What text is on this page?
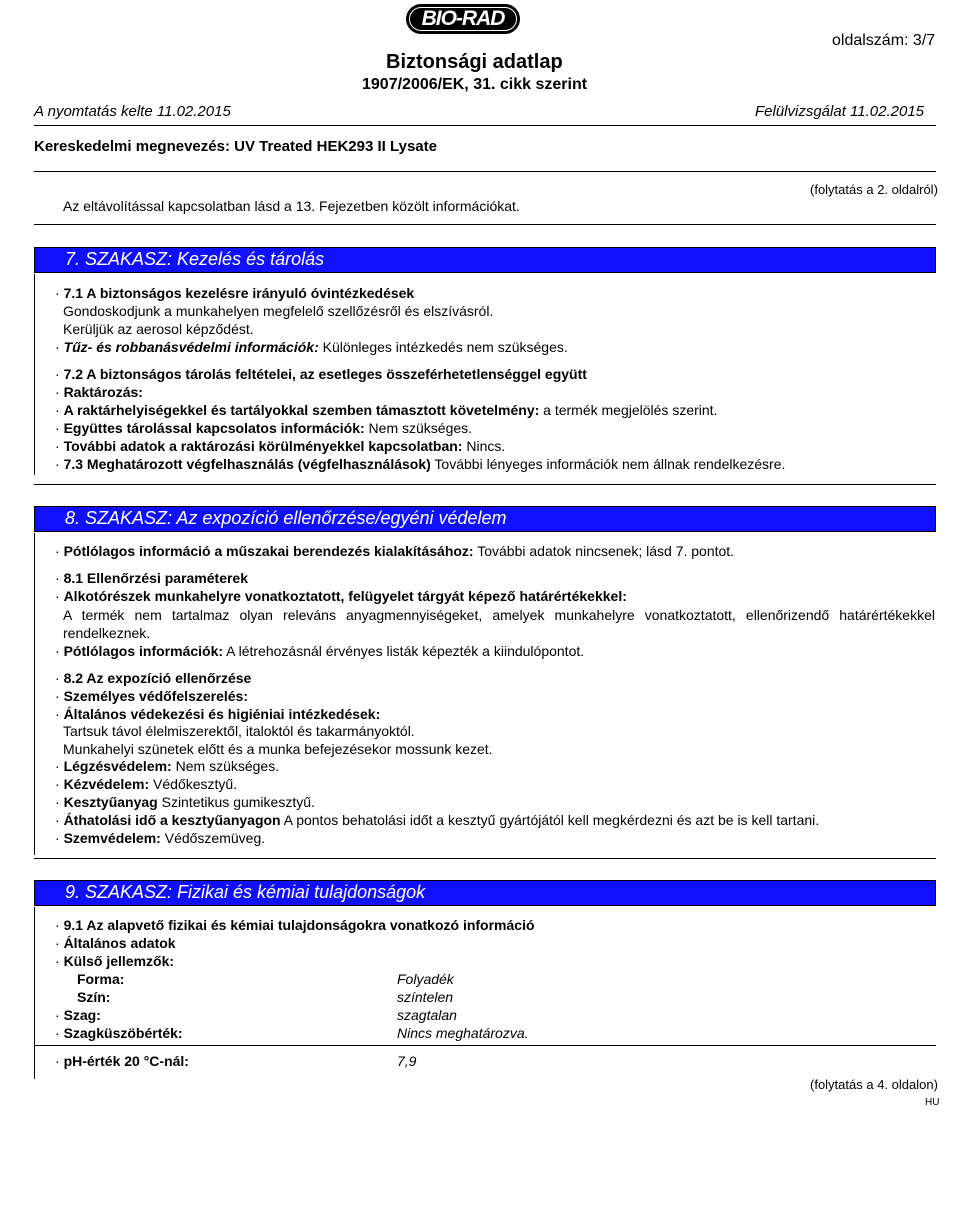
BIO-RAD
Biztonsági adatlap
1907/2006/EK, 31. cikk szerint
oldalszám: 3/7
A nyomtatás kelte 11.02.2015	Felülvizsgálat 11.02.2015
Kereskedelmi megnevezés: UV Treated HEK293 II Lysate
(folytatás a 2. oldalról)
Az eltávolítással kapcsolatban lásd a 13. Fejezetben közölt információkat.
7. SZAKASZ: Kezelés és tárolás
· 7.1 A biztonságos kezelésre irányuló óvintézkedések
Gondoskodjunk a munkahelyen megfelelő szellőzésről és elszívásról.
Kerüljük az aerosol képződést.
· Tűz- és robbanásvédelmi információk: Különleges intézkedés nem szükséges.
· 7.2 A biztonságos tárolás feltételei, az esetleges összeférhetetlenséggel együtt
· Raktározás:
· A raktárhelyiségekkel és tartályokkal szemben támasztott követelmény: a termék megjelölés szerint.
· Együttes tárolással kapcsolatos információk: Nem szükséges.
· További adatok a raktározási körülményekkel kapcsolatban: Nincs.
· 7.3 Meghatározott végfelhasználás (végfelhasználások) További lényeges információk nem állnak rendelkezésre.
8. SZAKASZ: Az expozíció ellenőrzése/egyéni védelem
· Pótlólagos információ a műszakai berendezés kialakításához: További adatok nincsenek; lásd 7. pontot.
· 8.1 Ellenőrzési paraméterek
· Alkotórészek munkahelyre vonatkoztatott, felügyelet tárgyát képező határértékekkel:
A termék nem tartalmaz olyan releváns anyagmennyiségeket, amelyek munkahelyre vonatkoztatott, ellenőrizendő határértékekkel rendelkeznek.
· Pótlólagos információk: A létrehozásnál érvényes listák képezték a kiindulópontot.
· 8.2 Az expozíció ellenőrzése
· Személyes védőfelszerelés:
· Általános védekezési és higiéniai intézkedések:
Tartsuk távol élelmiszerektől, italoktól és takarmányoktól.
Munkahelyi szünetek előtt és a munka befejezésekor mossunk kezet.
· Légzésvédelem: Nem szükséges.
· Kézvédelem: Védőkesztyű.
· Kesztyűanyag Szintetikus gumikesztyű.
· Áthatolási idő a kesztyűanyagon A pontos behatolási időt a kesztyű gyártójától kell megkérdezni és azt be is kell tartani.
· Szemvédelem: Védőszemüveg.
9. SZAKASZ: Fizikai és kémiai tulajdonságok
· 9.1 Az alapvető fizikai és kémiai tulajdonságokra vonatkozó információ
· Általános adatok
· Külső jellemzők:
Forma:	Folyadék
Szín:	színtelen
· Szag:	szagtalan
· Szagküszöbérték:	Nincs meghatározva.
· pH-érték 20 °C-nál:	7,9
(folytatás a 4. oldalon)
HU
